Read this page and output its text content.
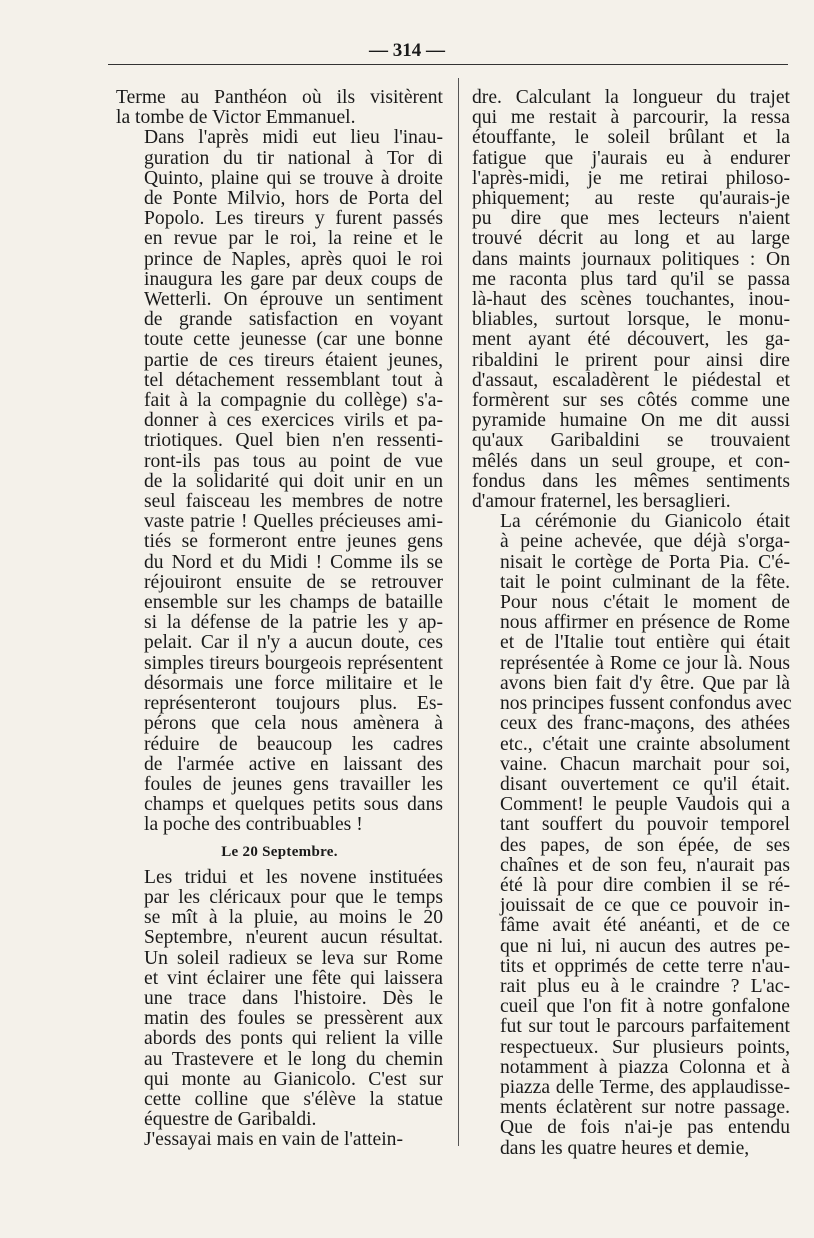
— 314 —

Terme au Panthéon où ils visitèrent
la tombe de Victor Emmanuel.

Dans l'après midi eut lieu l'inau-
guration du tir national à Tor di
Quinto, plaine qui se trouve à droite
de Ponte Milvio, hors de Porta del
Popolo. Les tireurs y furent passés
en revue par le roi, la reine et le
prince de Naples, après quoi le roi
inaugura les gare par deux coups de
Wetterli. On éprouve un sentiment
de grande satisfaction en voyant
toute cette jeunesse (car une bonne
partie de ces tireurs étaient jeunes,
tel détachement ressemblant tout à
fait à la compagnie du collège) s'a-
donner à ces exercices virils et pa-
triotiques. Quel bien n'en ressenti-
ront-ils pas tous au point de vue
de la solidarité qui doit unir en un
seul faisceau les membres de notre
vaste patrie ! Quelles précieuses ami-
tiés se formeront entre jeunes gens
du Nord et du Midi ! Comme ils se
réjouiront ensuite de se retrouver
ensemble sur les champs de bataille
si la défense de la patrie les y ap-
pelait. Car il n'y a aucun doute, ces
simples tireurs bourgeois représentent
désormais une force militaire et le
représenteront toujours plus. Es-
pérons que cela nous amènera à
réduire de beaucoup les cadres
de l'armée active en laissant des
foules de jeunes gens travailler les
champs et quelques petits sous dans
la poche des contribuables !

Le 20 Septembre.

Les tridui et les novene instituées
par les cléricaux pour que le temps
se mît à la pluie, au moins le 20
Septembre, n'eurent aucun résultat.
Un soleil radieux se leva sur Rome
et vint éclairer une fête qui laissera
une trace dans l'histoire. Dès le
matin des foules se pressèrent aux
abords des ponts qui relient la ville
au Trastevere et le long du chemin
qui monte au Gianicolo. C'est sur
cette colline que s'élève la statue
équestre de Garibaldi.

J'essayai mais en vain de l'attein-

dre. Calculant la longueur du trajet
qui me restait à parcourir, la ressa
étouffante, le soleil brûlant et la
fatigue que j'aurais eu à endurer
l'après-midi, je me retirai philoso-
phiquement; au reste qu'aurais-je
pu dire que mes lecteurs n'aient
trouvé décrit au long et au large
dans maints journaux politiques : On
me raconta plus tard qu'il se passa
là-haut des scènes touchantes, inou-
bliables, surtout lorsque, le monu-
ment ayant été découvert, les ga-
ribaldini le prirent pour ainsi dire
d'assaut, escaladèrent le piédestal et
formèrent sur ses côtés comme une
pyramide humaine On me dit aussi
qu'aux Garibaldini se trouvaient
mêlés dans un seul groupe, et con-
fondus dans les mêmes sentiments
d'amour fraternel, les bersaglieri.

La cérémonie du Gianicolo était
à peine achevée, que déjà s'orga-
nisait le cortège de Porta Pia. C'é-
tait le point culminant de la fête.
Pour nous c'était le moment de
nous affirmer en présence de Rome
et de l'Italie tout entière qui était
représentée à Rome ce jour là. Nous
avons bien fait d'y être. Que par là
nos principes fussent confondus avec
ceux des franc-maçons, des athées
etc., c'était une crainte absolument
vaine. Chacun marchait pour soi,
disant ouvertement ce qu'il était.
Comment! le peuple Vaudois qui a
tant souffert du pouvoir temporel
des papes, de son épée, de ses
chaînes et de son feu, n'aurait pas
été là pour dire combien il se ré-
jouissait de ce que ce pouvoir in-
fâme avait été anéanti, et de ce
que ni lui, ni aucun des autres pe-
tits et opprimés de cette terre n'au-
rait plus eu à le craindre ? L'ac-
cueil que l'on fit à notre gonfalone
fut sur tout le parcours parfaitement
respectueux. Sur plusieurs points,
notamment à piazza Colonna et à
piazza delle Terme, des applaudisse-
ments éclatèrent sur notre passage.
Que de fois n'ai-je pas entendu
dans les quatre heures et demie,
